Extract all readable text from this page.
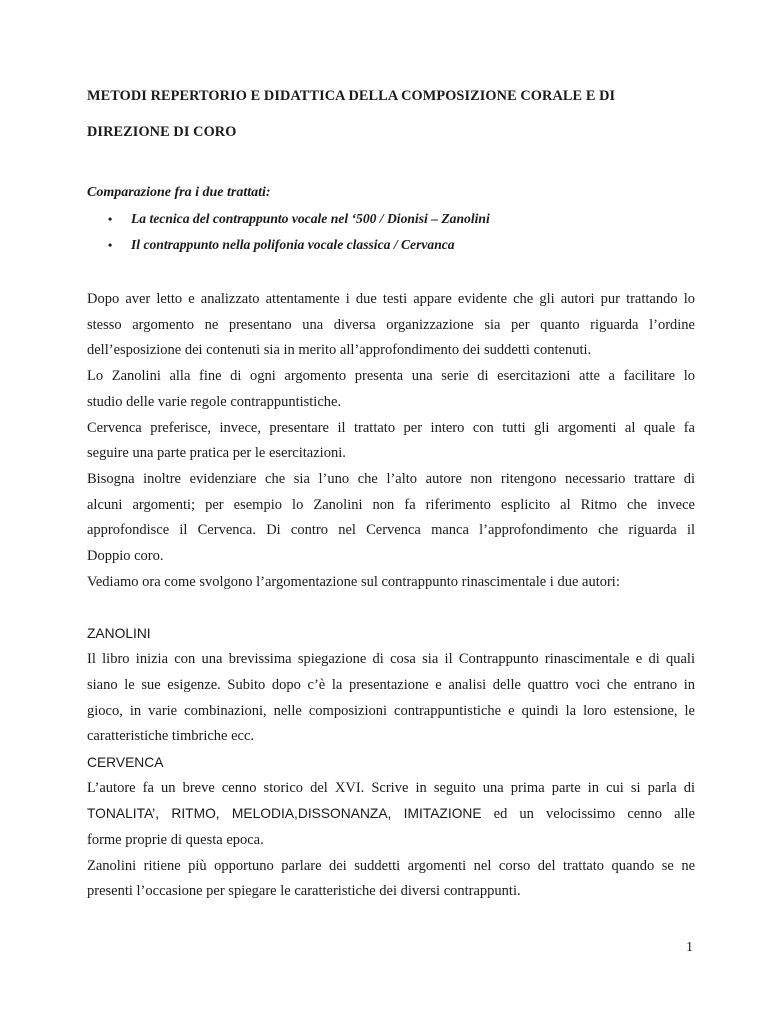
METODI REPERTORIO E DIDATTICA DELLA COMPOSIZIONE CORALE E DI
DIREZIONE DI CORO
Comparazione fra i due trattati:
• La tecnica del contrappunto vocale nel ‘500 / Dionisi – Zanolini
• Il contrappunto nella polifonia vocale classica / Cervanca

Dopo aver letto e analizzato attentamente i due testi appare evidente che gli autori pur trattando lo
stesso argomento ne presentano una diversa organizzazione sia per quanto riguarda l’ordine
dell’esposizione dei contenuti sia in merito all’approfondimento dei suddetti contenuti.

Lo Zanolini alla fine di ogni argomento presenta una serie di esercitazioni atte a facilitare lo
studio delle varie regole contrappuntistiche.

Cervenca preferisce, invece, presentare il trattato per intero con tutti gli argomenti al quale fa
seguire una parte pratica per le esercitazioni.

Bisogna inoltre evidenziare che sia l’uno che l’alto autore non ritengono necessario trattare di
alcuni argomenti; per esempio lo Zanolini non fa riferimento esplicito al Ritmo che invece
approfondisce il Cervenca. Di contro nel Cervenca manca l’approfondimento che riguarda il
Doppio coro.

Vediamo ora come svolgono l’argomentazione sul contrappunto rinascimentale i due autori:

ZANOLINI

Il libro inizia con una brevissima spiegazione di cosa sia il Contrappunto rinascimentale e di quali
siano le sue esigenze. Subito dopo c’è la presentazione e analisi delle quattro voci che entrano in
gioco, in varie combinazioni, nelle composizioni contrappuntistiche e quindi la loro estensione, le
caratteristiche timbriche ecc.

CERVENCA

L’autore fa un breve cenno storico del XVI. Scrive in seguito una prima parte in cui si parla di
TONALITA’, RITMO, MELODIA,DISSONANZA, IMITAZIONE ed un velocissimo cenno alle
forme proprie di questa epoca.

Zanolini ritiene più opportuno parlare dei suddetti argomenti nel corso del trattato quando se ne
presenti l’occasione per spiegare le caratteristiche dei diversi contrappunti.

1
